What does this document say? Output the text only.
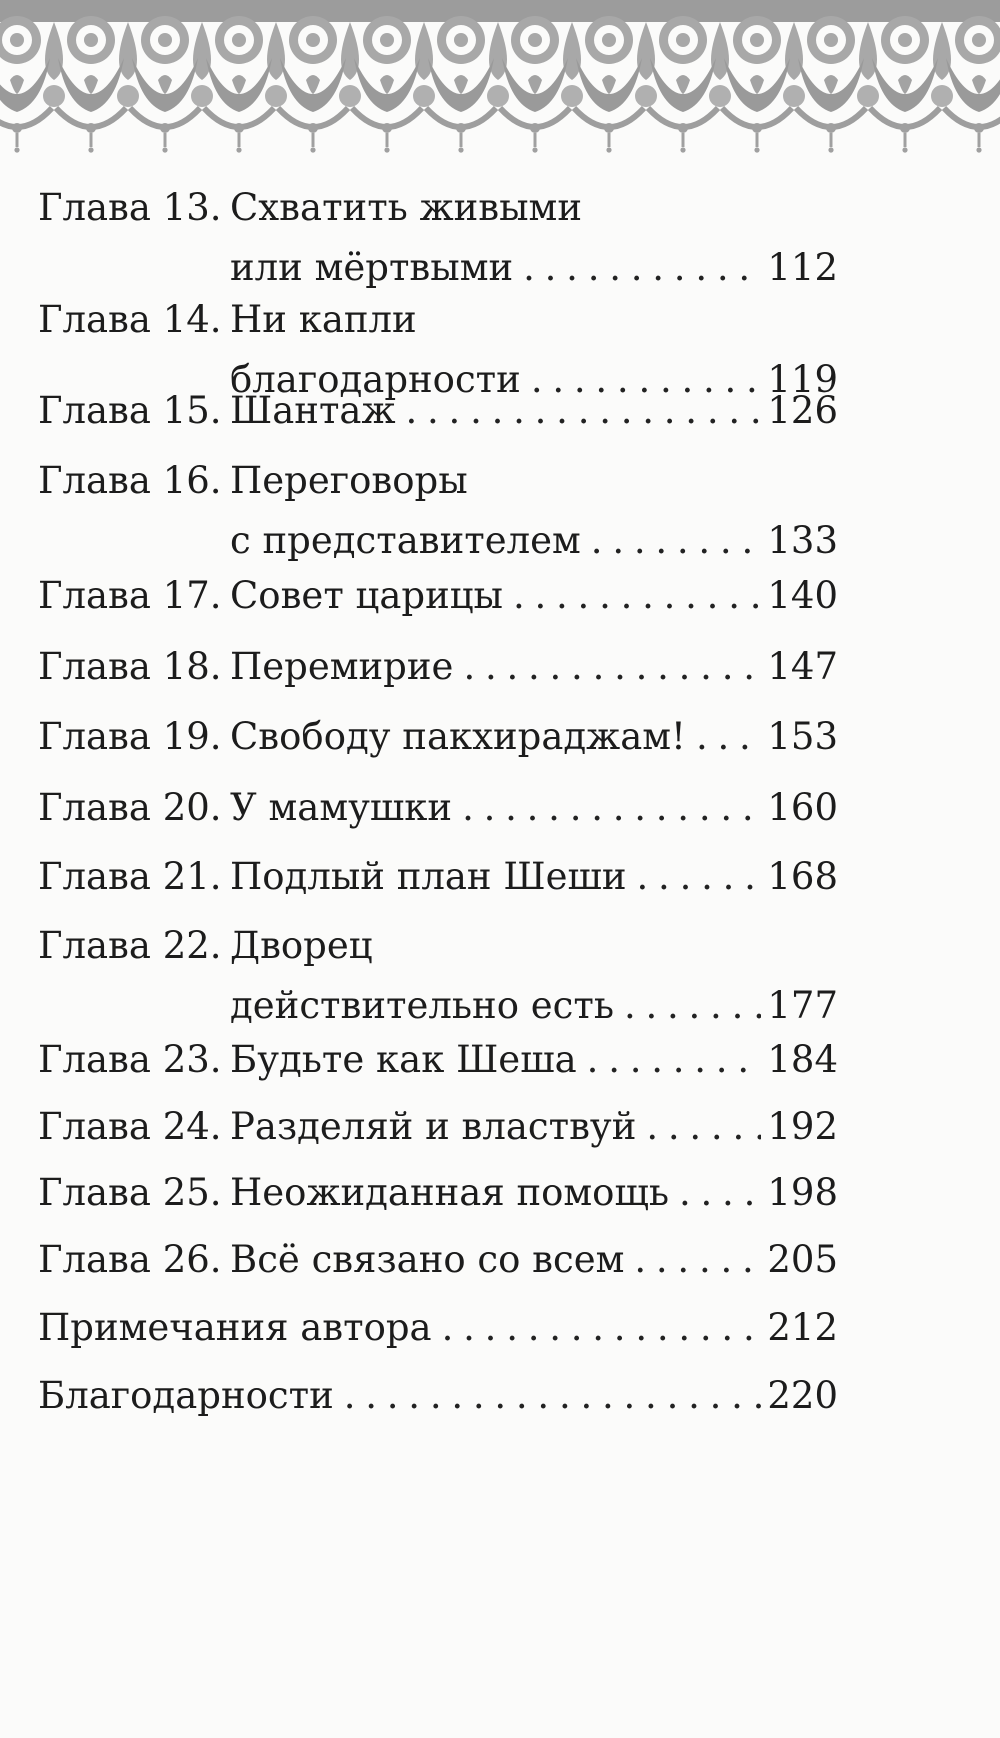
Глава 13. Схватить живыми
или мёртвыми . . .	112
Глава 14. Ни капли
благодарности . . .	119
Глава 15. Шантаж . . .	126
Глава 16. Переговоры
с представителем . . .	133
Глава 17. Совет царицы . . .	140
Глава 18. Перемирие . . .	147
Глава 19. Свободу пакхираджам! . . . 153
Глава 20. У мамушки . . .	160
Глава 21. Подлый план Шеши . . .	168
Глава 22. Дворец
действительно есть . . .	177
Глава 23. Будьте как Шеша . . .	184
Глава 24. Разделяй и властвуй . . .	192
Глава 25. Неожиданная помощь . . .	198
Глава 26. Всё связано со всем . . .	205
Примечания автора . . .	212
Благодарности . . .	220
